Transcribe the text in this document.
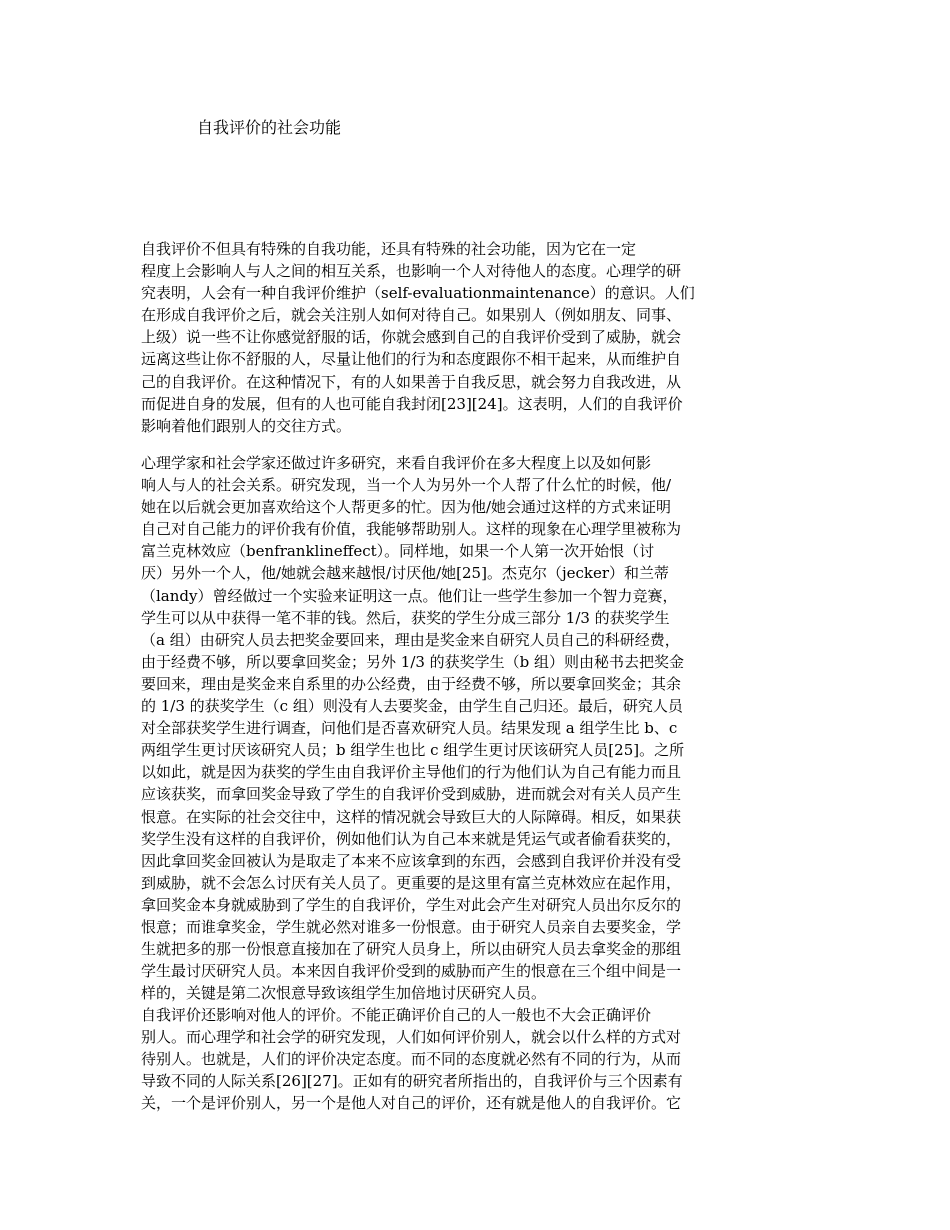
自我评价的社会功能

自我评价不但具有特殊的自我功能，还具有特殊的社会功能，因为它在一定
程度上会影响人与人之间的相互关系，也影响一个人对待他人的态度。心理学的研
究表明，人会有一种自我评价维护（self-evaluationmaintenance）的意识。人们
在形成自我评价之后，就会关注别人如何对待自己。如果别人（例如朋友、同事、
上级）说一些不让你感觉舒服的话，你就会感到自己的自我评价受到了威胁，就会
远离这些让你不舒服的人，尽量让他们的行为和态度跟你不相干起来，从而维护自
己的自我评价。在这种情况下，有的人如果善于自我反思，就会努力自我改进，从
而促进自身的发展，但有的人也可能自我封闭[23][24]。这表明，人们的自我评价
影响着他们跟别人的交往方式。

心理学家和社会学家还做过许多研究，来看自我评价在多大程度上以及如何影
响人与人的社会关系。研究发现，当一个人为另外一个人帮了什么忙的时候，他/
她在以后就会更加喜欢给这个人帮更多的忙。因为他/她会通过这样的方式来证明
自己对自己能力的评价我有价值，我能够帮助别人。这样的现象在心理学里被称为
富兰克林效应（benfranklineffect）。同样地，如果一个人第一次开始恨（讨
厌）另外一个人，他/她就会越来越恨/讨厌他/她[25]。杰克尔（jecker）和兰蒂
（landy）曾经做过一个实验来证明这一点。他们让一些学生参加一个智力竞赛，
学生可以从中获得一笔不菲的钱。然后，获奖的学生分成三部分 1/3 的获奖学生
（a 组）由研究人员去把奖金要回来，理由是奖金来自研究人员自己的科研经费，
由于经费不够，所以要拿回奖金；另外 1/3 的获奖学生（b 组）则由秘书去把奖金
要回来，理由是奖金来自系里的办公经费，由于经费不够，所以要拿回奖金；其余
的 1/3 的获奖学生（c 组）则没有人去要奖金，由学生自己归还。最后，研究人员
对全部获奖学生进行调查，问他们是否喜欢研究人员。结果发现 a 组学生比 b、c
两组学生更讨厌该研究人员；b 组学生也比 c 组学生更讨厌该研究人员[25]。之所
以如此，就是因为获奖的学生由自我评价主导他们的行为他们认为自己有能力而且
应该获奖，而拿回奖金导致了学生的自我评价受到威胁，进而就会对有关人员产生
恨意。在实际的社会交往中，这样的情况就会导致巨大的人际障碍。相反，如果获
奖学生没有这样的自我评价，例如他们认为自己本来就是凭运气或者偷看获奖的，
因此拿回奖金回被认为是取走了本来不应该拿到的东西，会感到自我评价并没有受
到威胁，就不会怎么讨厌有关人员了。更重要的是这里有富兰克林效应在起作用，
拿回奖金本身就威胁到了学生的自我评价，学生对此会产生对研究人员出尔反尔的
恨意；而谁拿奖金，学生就必然对谁多一份恨意。由于研究人员亲自去要奖金，学
生就把多的那一份恨意直接加在了研究人员身上，所以由研究人员去拿奖金的那组
学生最讨厌研究人员。本来因自我评价受到的威胁而产生的恨意在三个组中间是一
样的，关键是第二次恨意导致该组学生加倍地讨厌研究人员。

自我评价还影响对他人的评价。不能正确评价自己的人一般也不大会正确评价
别人。而心理学和社会学的研究发现，人们如何评价别人，就会以什么样的方式对
待别人。也就是，人们的评价决定态度。而不同的态度就必然有不同的行为，从而
导致不同的人际关系[26][27]。正如有的研究者所指出的，自我评价与三个因素有
关，一个是评价别人，另一个是他人对自己的评价，还有就是他人的自我评价。它
